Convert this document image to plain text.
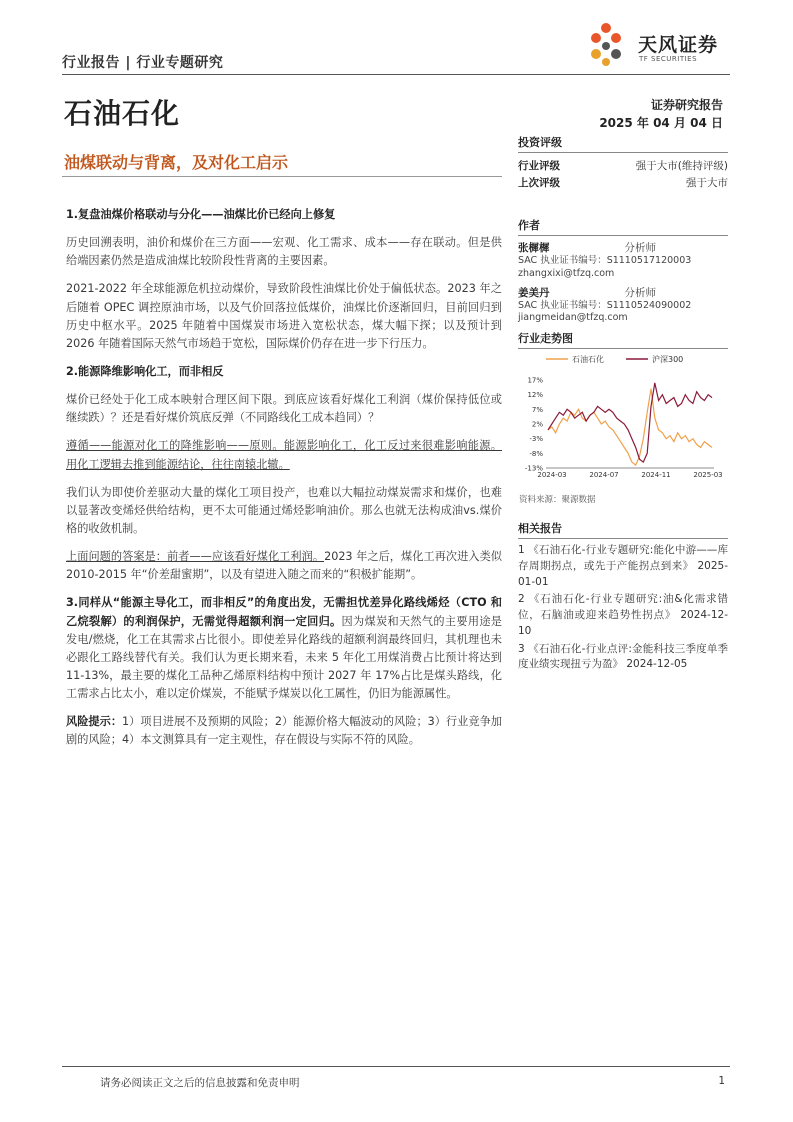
行业报告 | 行业专题研究
天风证券
TF SECURITIES
石油石化	证券研究报告
2025 年 04 月 04 日
油煤联动与背离，及对化工启示

1.复盘油煤价格联动与分化——油煤比价已经向上修复

历史回溯表明，油价和煤价在三方面——宏观、化工需求、成本——存在联动。但是供给端因素仍然是造成油煤比较阶段性背离的主要因素。

2021-2022 年全球能源危机拉动煤价，导致阶段性油煤比价处于偏低状态。2023 年之后随着 OPEC 调控原油市场，以及气价回落拉低煤价，油煤比价逐渐回归，目前回归到历史中枢水平。2025 年随着中国煤炭市场进入宽松状态，煤大幅下探；以及预计到 2026 年随着国际天然气市场趋于宽松，国际煤价仍存在进一步下行压力。

2.能源降维影响化工，而非相反

煤价已经处于化工成本映射合理区间下限。到底应该看好煤化工利润（煤价保持低位或继续跌）？还是看好煤价筑底反弹（不同路线化工成本趋同）？

遵循——能源对化工的降维影响——原则。能源影响化工，化工反过来很难影响能源。用化工逻辑去推到能源结论，往往南辕北辙。

我们认为即使价差驱动大量的煤化工项目投产，也难以大幅拉动煤炭需求和煤价，也难以显著改变烯烃供给结构，更不太可能通过烯烃影响油价。那么也就无法构成油vs.煤价格的收敛机制。

上面问题的答案是：前者——应该看好煤化工利润。2023 年之后，煤化工再次进入类似 2010-2015 年“价差甜蜜期”，以及有望进入随之而来的“积极扩能期”。

3.同样从“能源主导化工，而非相反”的角度出发，无需担忧差异化路线烯烃（CTO 和乙烷裂解）的利润保护，无需觉得超额利润一定回归。因为煤炭和天然气的主要用途是发电/燃烧，化工在其需求占比很小。即使差异化路线的超额利润最终回归，其机理也未必跟化工路线替代有关。我们认为更长期来看，未来 5 年化工用煤消费占比预计将达到 11-13%，最主要的煤化工品种乙烯原料结构中预计 2027 年 17%占比是煤头路线，化工需求占比太小，难以定价煤炭，不能赋予煤炭以化工属性，仍旧为能源属性。

风险提示：1）项目进展不及预期的风险；2）能源价格大幅波动的风险；3）行业竞争加剧的风险；4）本文测算具有一定主观性，存在假设与实际不符的风险。

投资评级
行业评级	强于大市(维持评级)
上次评级	强于大市
作者
张樨樨	分析师
SAC 执业证书编号：S1110517120003
zhangxixi@tfzq.com
姜美丹	分析师
SAC 执业证书编号：S1110524090002
jiangmeidan@tfzq.com
行业走势图
石油石化	沪深300
17%
12%
7%
2%
-3%
-8%
-13%
2024-03	2024-07	2024-11	2025-03
资料来源：聚源数据
相关报告
1 《石油石化-行业专题研究:能化中游——库存周期拐点，或先于产能拐点到来》 2025-01-01
2 《石油石化-行业专题研究:油&化需求错位，石脑油或迎来趋势性拐点》 2024-12-10
3 《石油石化-行业点评:金能科技三季度单季度业绩实现扭亏为盈》 2024-12-05
请务必阅读正文之后的信息披露和免责申明	1
